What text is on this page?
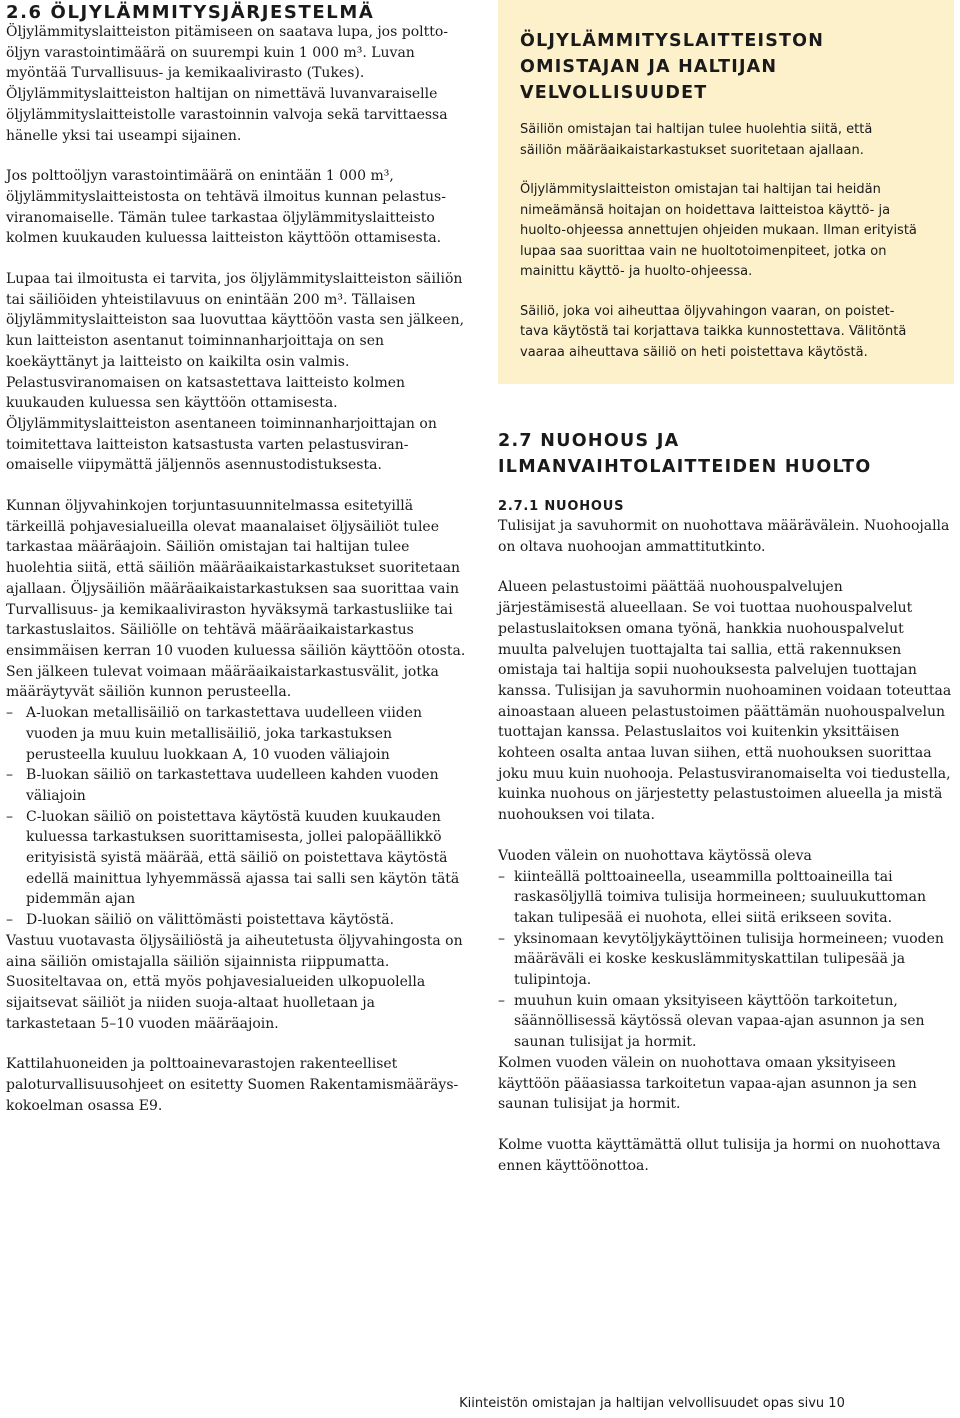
2.6 ÖLJYLÄMMITYSJÄRJESTELMÄ

Öljylämmityslaitteiston pitämiseen on saatava lupa, jos polttoöljyn varastointimäärä on suurempi kuin 1 000 m³. Luvan myöntää Turvallisuus- ja kemikaalivirasto (Tukes). Öljylämmityslaitteiston haltijan on nimettävä luvanvaraiselle öljylämmityslaitteistolle varastoinnin valvoja sekä tarvittaessa hänelle yksi tai useampi sijainen.

Jos polttoöljyn varastointimäärä on enintään 1 000 m³, öljylämmityslaitteistosta on tehtävä ilmoitus kunnan pelastusviranomaiselle. Tämän tulee tarkastaa öljylämmityslaitteisto kolmen kuukauden kuluessa laitteiston käyttöön ottamisesta.

Lupaa tai ilmoitusta ei tarvita, jos öljylämmityslaitteiston säiliön tai säiliöiden yhteistilavuus on enintään 200 m³. Tällaisen öljylämmityslaitteiston saa luovuttaa käyttöön vasta sen jälkeen, kun laitteiston asentanut toiminnanharjoittaja on sen koekäyttänyt ja laitteisto on kaikilta osin valmis. Pelastusviranomaisen on katsastettava laitteisto kolmen kuukauden kuluessa sen käyttöön ottamisesta. Öljylämmityslaitteiston asentaneen toiminnanharjoittajan on toimitettava laitteiston katsastusta varten pelastusviranomaiselle viipymättä jäljennös asennustodistuksesta.

Kunnan öljyvahinkojen torjuntasuunnitelmassa esitetyillä tärkeillä pohjavesialueilla olevat maanalaiset öljysäiliöt tulee tarkastaa määräajoin. Säiliön omistajan tai haltijan tulee huolehtia siitä, että säiliön määräaikaistarkastukset suoritetaan ajallaan. Öljysäiliön määräaikaistarkastuksen saa suorittaa vain Turvallisuus- ja kemikaaliviraston hyväksymä tarkastusliike tai tarkastuslaitos. Säiliölle on tehtävä määräaikaistarkastus ensimmäisen kerran 10 vuoden kuluessa säiliön käyttöön otosta. Sen jälkeen tulevat voimaan määräaikaistarkastusvälit, jotka määräytyvät säiliön kunnon perusteella.

– A-luokan metallisäiliö on tarkastettava uudelleen viiden vuoden ja muu kuin metallisäiliö, joka tarkastuksen perusteella kuuluu luokkaan A, 10 vuoden väliajoin
– B-luokan säiliö on tarkastettava uudelleen kahden vuoden väliajoin
– C-luokan säiliö on poistettava käytöstä kuuden kuukauden kuluessa tarkastuksen suorittamisesta, jollei palopäällikkö erityisistä syistä määrää, että säiliö on poistettava käytöstä edellä mainittua lyhyemmässä ajassa tai salli sen käytön tätä pidemmän ajan
– D-luokan säiliö on välittömästi poistettava käytöstä.

Vastuu vuotavasta öljysäiliöstä ja aiheutetusta öljyvahingosta on aina säiliön omistajalla säiliön sijainnista riippumatta. Suositeltavaa on, että myös pohjavesialueiden ulkopuolella sijaitsevat säiliöt ja niiden suoja-altaat huolletaan ja tarkastetaan 5–10 vuoden määräajoin.

Kattilahuoneiden ja polttoainevarastojen rakenteelliset paloturvallisuusohjeet on esitetty Suomen Rakentamismääräyskokoelman osassa E9.

ÖLJYLÄMMITYSLAITTEISTON OMISTAJAN JA HALTIJAN VELVOLLISUUDET

Säiliön omistajan tai haltijan tulee huolehtia siitä, että
säiliön määräaikaistarkastukset suoritetaan ajallaan.

Öljylämmityslaitteiston omistajan tai haltijan tai heidän
nimeämänsä hoitajan on hoidettava laitteistoa käyttö- ja
huolto-ohjeessa annettujen ohjeiden mukaan. Ilman erityistä
lupaa saa suorittaa vain ne huoltotoimenpiteet, jotka on
mainittu käyttö- ja huolto-ohjeessa.

Säiliö, joka voi aiheuttaa öljyvahingon vaaran, on poistet-
tava käytöstä tai korjattava taikka kunnostettava. Välitöntä
vaaraa aiheuttava säiliö on heti poistettava käytöstä.

2.7 NUOHOUS JA ILMANVAIHTOLAITTEIDEN HUOLTO
2.7.1 NUOHOUS

Tulisijat ja savuhormit on nuohottava määrävälein. Nuohoojalla on oltava nuohoojan ammattitutkinto.

Alueen pelastustoimi päättää nuohouspalvelujen järjestämisestä alueellaan. Se voi tuottaa nuohouspalvelut pelastuslaitoksen omana työnä, hankkia nuohouspalvelut muulta palvelujen tuottajalta tai sallia, että rakennuksen omistaja tai haltija sopii nuohouksesta palvelujen tuottajan kanssa. Tulisijan ja savuhormin nuohoaminen voidaan toteuttaa ainoastaan alueen pelastustoimen päättämän nuohouspalvelun tuottajan kanssa. Pelastuslaitos voi kuitenkin yksittäisen kohteen osalta antaa luvan siihen, että nuohouksen suorittaa joku muu kuin nuohooja. Pelastusviranomaiselta voi tiedustella, kuinka nuohous on järjestetty pelastustoimen alueella ja mistä nuohouksen voi tilata.

Vuoden välein on nuohottava käytössä oleva

– kiinteällä polttoaineella, useammilla polttoaineilla tai raskasöljyllä toimiva tulisija hormeineen; suuluukuttoman takan tulipesää ei nuohota, ellei siitä erikseen sovita.
– yksinomaan kevytöljykäyttöinen tulisija hormeineen; vuoden määräväli ei koske keskuslämmityskattilan tulipesää ja tulipintoja.
– muuhun kuin omaan yksityiseen käyttöön tarkoitetun, säännöllisessä käytössä olevan vapaa-ajan asunnon ja sen saunan tulisijat ja hormit.

Kolmen vuoden välein on nuohottava omaan yksityiseen käyttöön pääasiassa tarkoitetun vapaa-ajan asunnon ja sen saunan tulisijat ja hormit.

Kolme vuotta käyttämättä ollut tulisija ja hormi on nuohottava ennen käyttöönottoa.

Kiinteistön omistajan ja haltijan velvollisuudet opas sivu 10
